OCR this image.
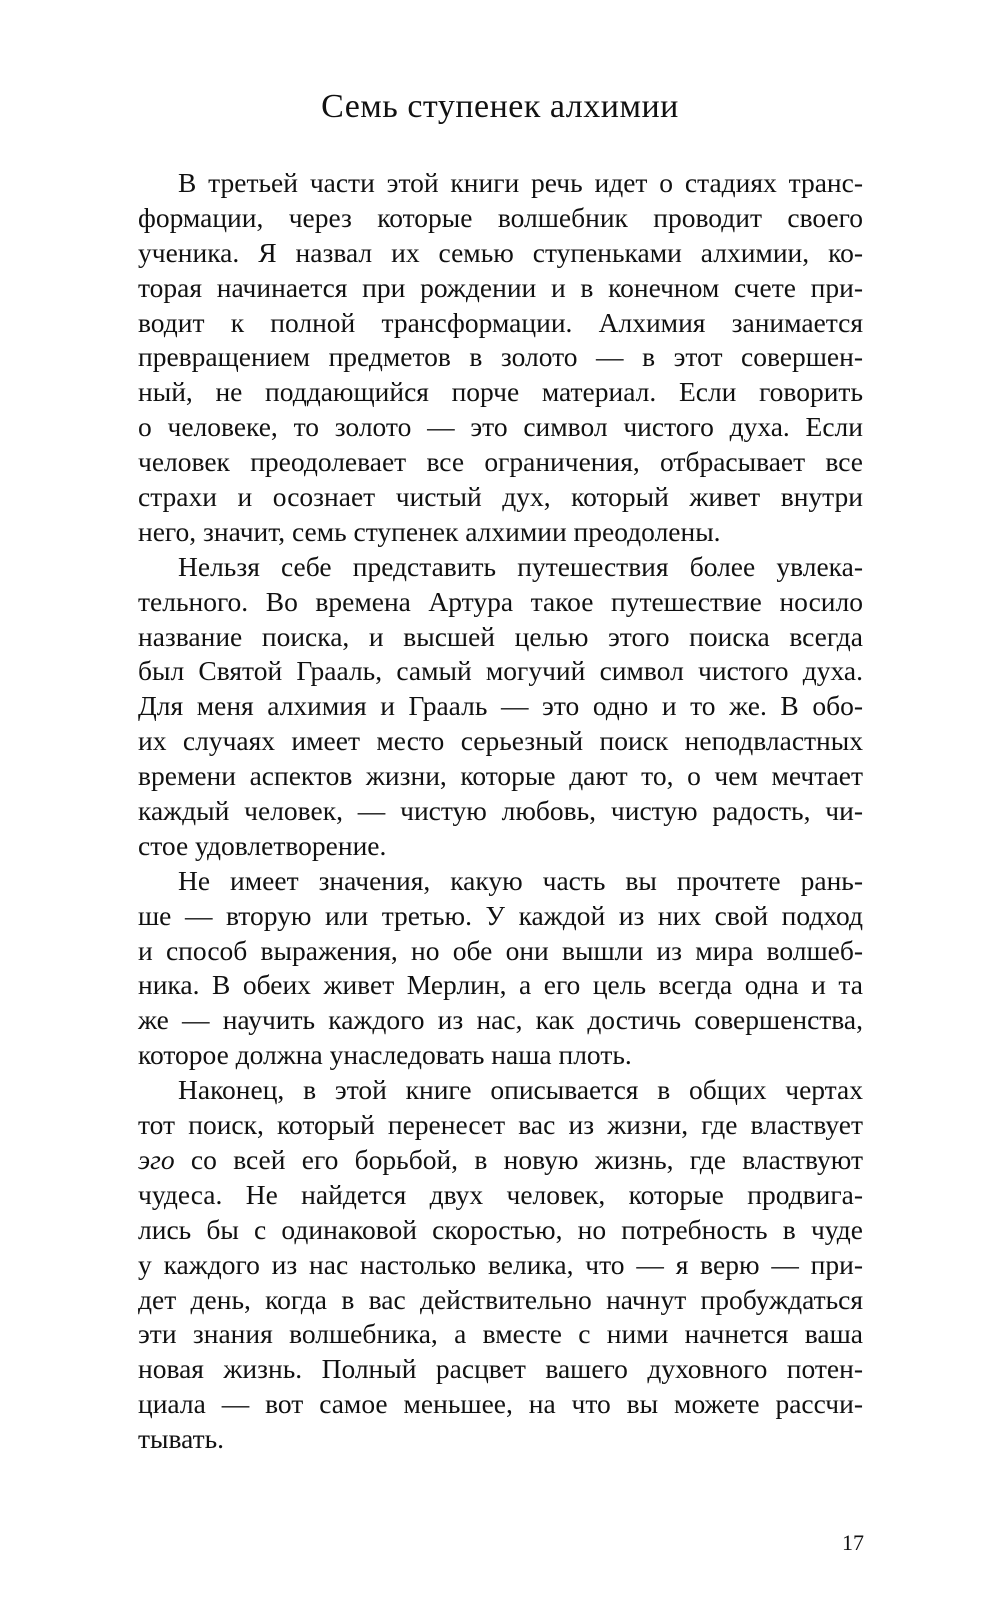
Семь ступенек алхимии
В третьей части этой книги речь идет о стадиях транс-
формации, через которые волшебник проводит своего
ученика. Я назвал их семью ступеньками алхимии, ко-
торая начинается при рождении и в конечном счете при-
водит к полной трансформации. Алхимия занимается
превращением предметов в золото — в этот совершен-
ный, не поддающийся порче материал. Если говорить
о человеке, то золото — это символ чистого духа. Если
человек преодолевает все ограничения, отбрасывает все
страхи и осознает чистый дух, который живет внутри
него, значит, семь ступенек алхимии преодолены.
Нельзя себе представить путешествия более увлека-
тельного. Во времена Артура такое путешествие носило
название поиска, и высшей целью этого поиска всегда
был Святой Грааль, самый могучий символ чистого духа.
Для меня алхимия и Грааль — это одно и то же. В обо-
их случаях имеет место серьезный поиск неподвластных
времени аспектов жизни, которые дают то, о чем мечтает
каждый человек, — чистую любовь, чистую радость, чи-
стое удовлетворение.
Не имеет значения, какую часть вы прочтете рань-
ше — вторую или третью. У каждой из них свой подход
и способ выражения, но обе они вышли из мира волшеб-
ника. В обеих живет Мерлин, а его цель всегда одна и та
же — научить каждого из нас, как достичь совершенства,
которое должна унаследовать наша плоть.
Наконец, в этой книге описывается в общих чертах
тот поиск, который перенесет вас из жизни, где властвует
эго со всей его борьбой, в новую жизнь, где властвуют
чудеса. Не найдется двух человек, которые продвига-
лись бы с одинаковой скоростью, но потребность в чуде
у каждого из нас настолько велика, что — я верю — при-
дет день, когда в вас действительно начнут пробуждаться
эти знания волшебника, а вместе с ними начнется ваша
новая жизнь. Полный расцвет вашего духовного потен-
циала — вот самое меньшее, на что вы можете рассчи-
тывать.
17
